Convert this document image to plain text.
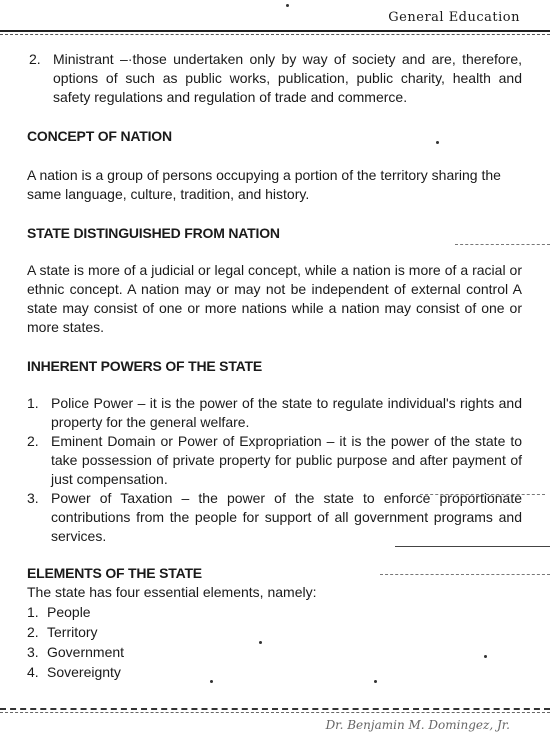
General Education
2. Ministrant –·those undertaken only by way of society and are, therefore, options of such as public works, publication, public charity, health and safety regulations and regulation of trade and commerce.

CONCEPT OF NATION

A nation is a group of persons occupying a portion of the territory sharing the same language, culture, tradition, and history.

STATE DISTINGUISHED FROM NATION

A state is more of a judicial or legal concept, while a nation is more of a racial or ethnic concept. A nation may or may not be independent of external control A state may consist of one or more nations while a nation may consist of one or more states.

INHERENT POWERS OF THE STATE
1. Police Power – it is the power of the state to regulate individual's rights and property for the general welfare.

2. Eminent Domain or Power of Expropriation – it is the power of the state to take possession of private property for public purpose and after payment of just compensation.

3. Power of Taxation – the power of the state to enforce proportionate contributions from the people for support of all government programs and services.

ELEMENTS OF THE STATE

The state has four essential elements, namely:

1. People
2. Territory
3. Government
4. Sovereignty
Dr. Benjamin M. Domingez, Jr.
